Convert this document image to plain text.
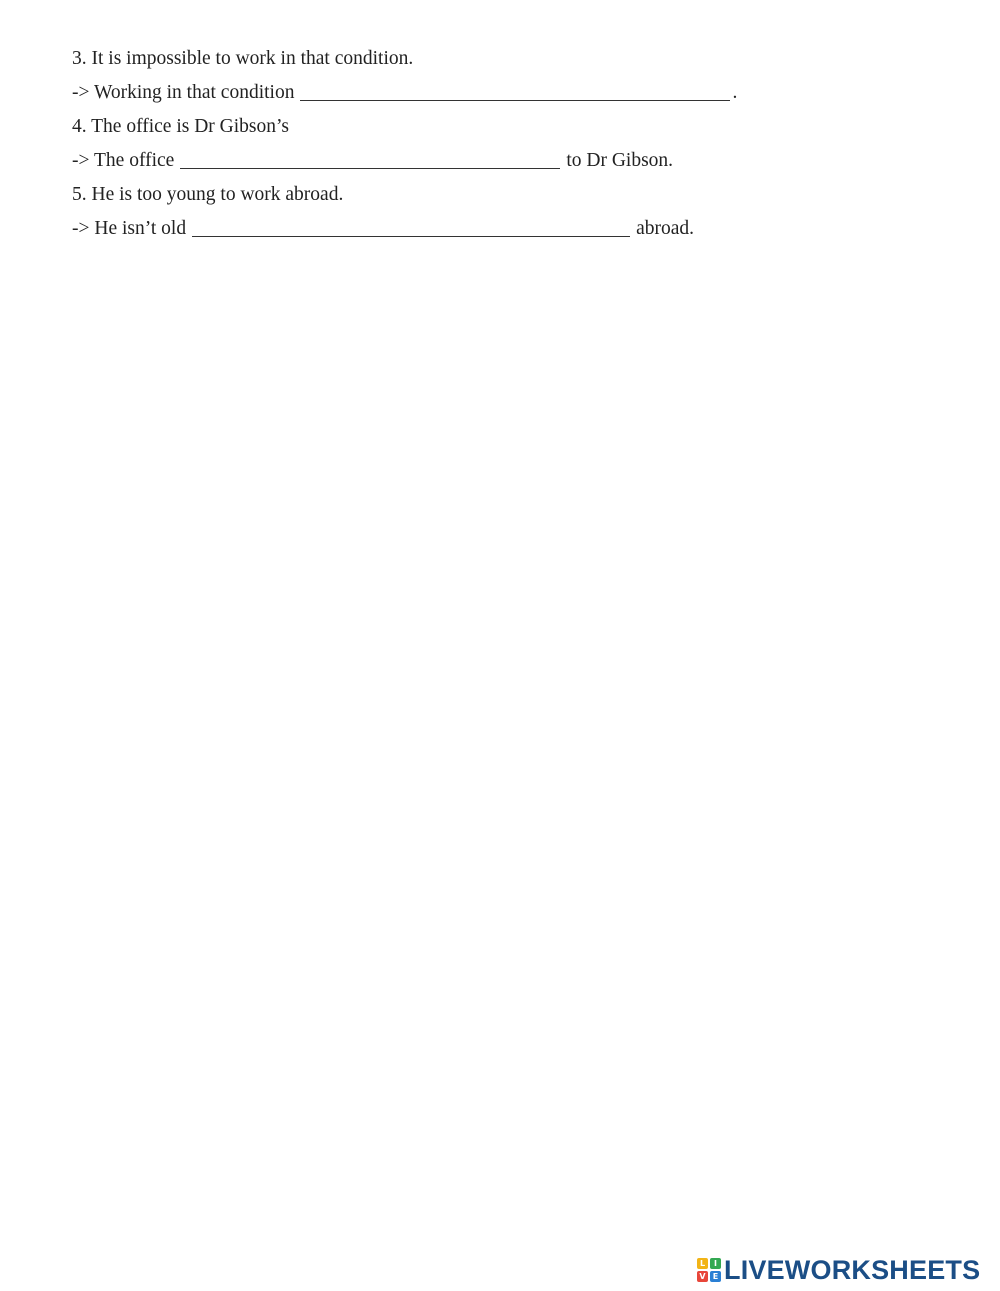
3. It is impossible to work in that condition.
-> Working in that condition	.
4. The office is Dr Gibson’s
-> The office	to Dr Gibson.
5. He is too young to work abroad.
-> He isn’t old	abroad.
L	I
V E LIVEWORKSHEETS
